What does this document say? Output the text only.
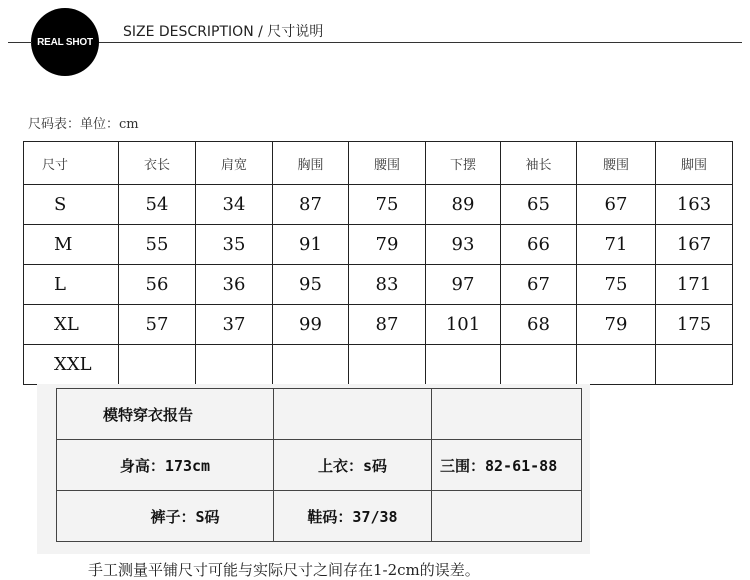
REAL SHOT
SIZE DESCRIPTION / 尺寸说明
尺码表：单位：cm
尺寸	衣长	肩宽	胸围	腰围	下摆	袖长	腰围	脚围
S	54	34	87	75	89	65	67	163
M	55	35	91	79	93	66	71	167
L	56	36	95	83	97	67	75	171
XL	57	37	99	87	101	68	79	175
XXL								
模特穿衣报告		
身高：173cm	上衣：s码	三围：82-61-88
裤子：S码	鞋码：37/38	
手工测量平铺尺寸可能与实际尺寸之间存在1-2cm的误差。
